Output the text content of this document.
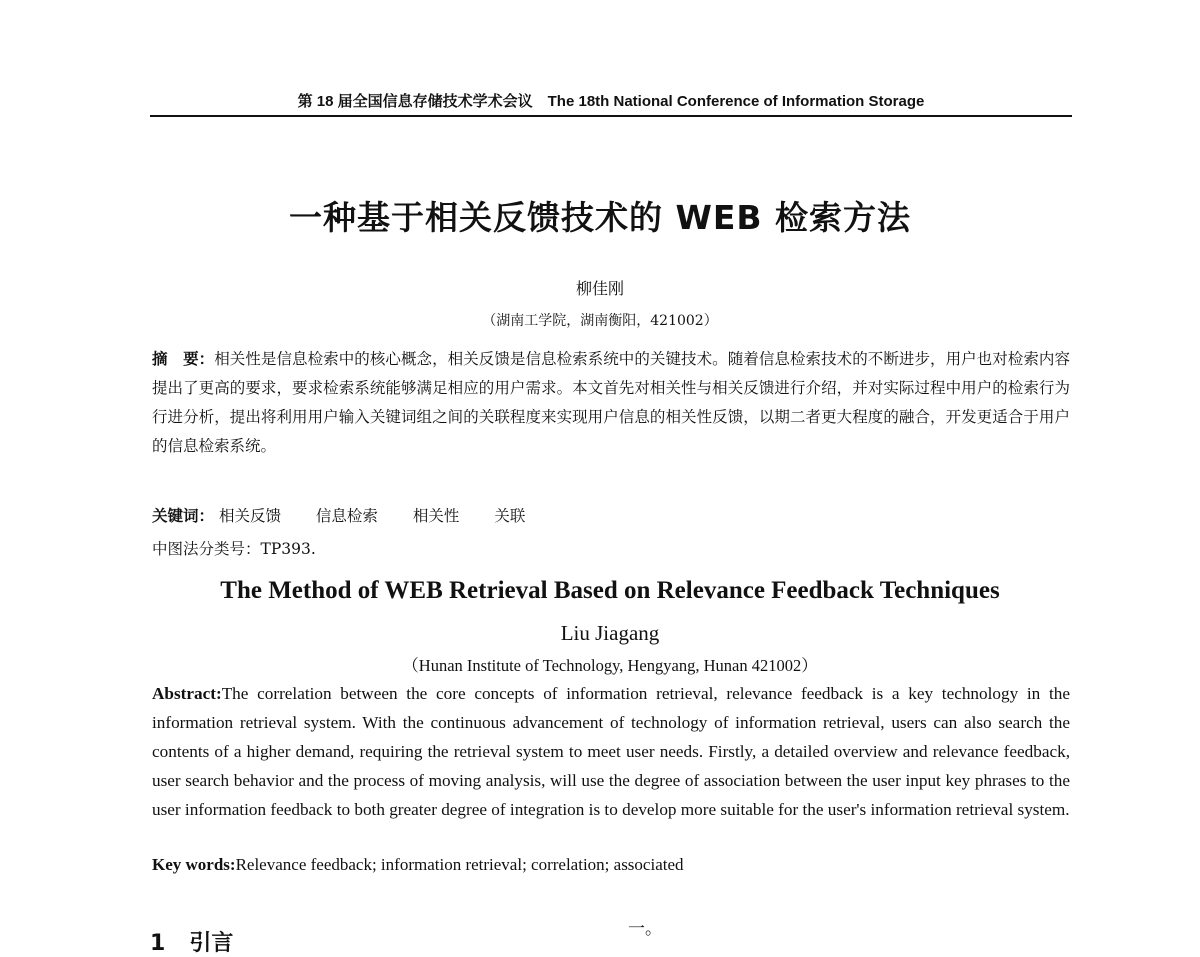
第 18 届全国信息存储技术学术会议　The 18th National Conference of Information Storage
一种基于相关反馈技术的 WEB 检索方法
柳佳刚
（湖南工学院，湖南衡阳，421002）
摘　要：相关性是信息检索中的核心概念，相关反馈是信息检索系统中的关键技术。随着信息检索技术的不断进步，用户也对检索内容提出了更高的要求，要求检索系统能够满足相应的用户需求。本文首先对相关性与相关反馈进行介绍，并对实际过程中用户的检索行为行进分析，提出将利用用户输入关键词组之间的关联程度来实现用户信息的相关性反馈，以期二者更大程度的融合，开发更适合于用户的信息检索系统。
关键词： 相关反馈 信息检索 相关性 关联
中图法分类号：TP393.
The Method of WEB Retrieval Based on Relevance Feedback Techniques
Liu Jiagang
（Hunan Institute of Technology, Hengyang, Hunan 421002）
Abstract:The correlation between the core concepts of information retrieval, relevance feedback is a key technology in the information retrieval system. With the continuous advancement of technology of information retrieval, users can also search the contents of a higher demand, requiring the retrieval system to meet user needs. Firstly, a detailed overview and relevance feedback, user search behavior and the process of moving analysis, will use the degree of association between the user input key phrases to the user information feedback to both greater degree of integration is to develop more suitable for the user's information retrieval system.
Key words:Relevance feedback; information retrieval; correlation; associated
1 引言
一。
